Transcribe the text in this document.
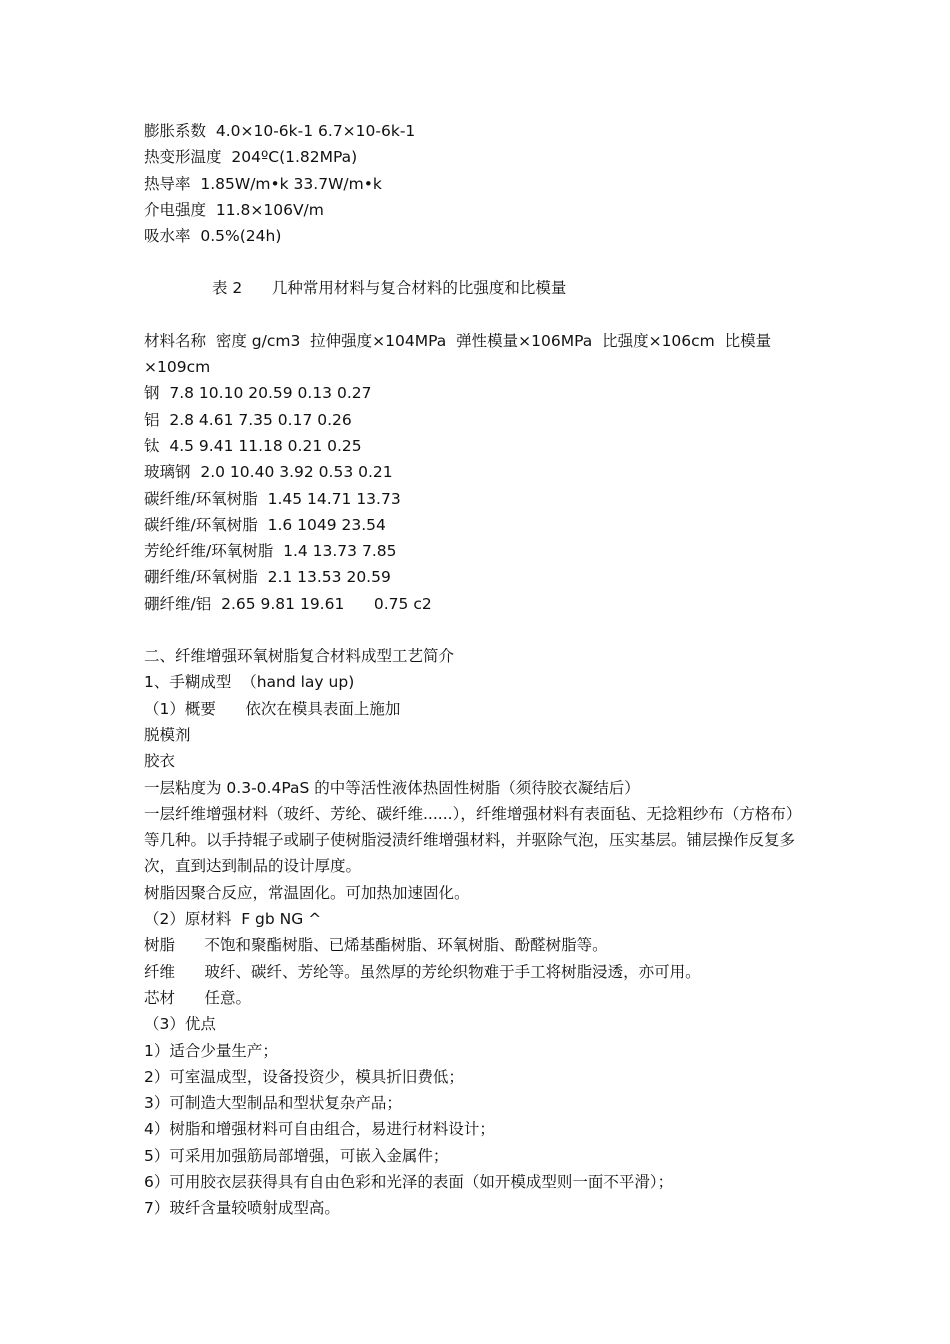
膨胀系数  4.0×10-6k-1 6.7×10-6k-1

热变形温度  204ºC(1.82MPa)

热导率  1.85W/m•k 33.7W/m•k

介电强度  11.8×106V/m

吸水率  0.5%(24h)

表 2      几种常用材料与复合材料的比强度和比模量

材料名称  密度 g/cm3  拉伸强度×104MPa  弹性模量×106MPa  比强度×106cm  比模量

×109cm

钢  7.8 10.10 20.59 0.13 0.27

铝  2.8 4.61 7.35 0.17 0.26

钛  4.5 9.41 11.18 0.21 0.25

玻璃钢  2.0 10.40 3.92 0.53 0.21

碳纤维/环氧树脂  1.45 14.71 13.73

碳纤维/环氧树脂  1.6 1049 23.54

芳纶纤维/环氧树脂  1.4 13.73 7.85

硼纤维/环氧树脂  2.1 13.53 20.59

硼纤维/铝  2.65 9.81 19.61      0.75 c2

二、纤维增强环氧树脂复合材料成型工艺简介

1、手糊成型  （hand lay up)

（1）概要      依次在模具表面上施加

脱模剂

胶衣

一层粘度为 0.3-0.4PaS 的中等活性液体热固性树脂（须待胶衣凝结后）

一层纤维增强材料（玻纤、芳纶、碳纤维......），纤维增强材料有表面毡、无捻粗纱布（方格布）等几种。以手持辊子或刷子使树脂浸渍纤维增强材料，并驱除气泡，压实基层。铺层操作反复多次，直到达到制品的设计厚度。

树脂因聚合反应，常温固化。可加热加速固化。

（2）原材料  F gb NG ^

树脂      不饱和聚酯树脂、已烯基酯树脂、环氧树脂、酚醛树脂等。

纤维      玻纤、碳纤、芳纶等。虽然厚的芳纶织物难于手工将树脂浸透，亦可用。

芯材      任意。

（3）优点

1）适合少量生产；

2）可室温成型，设备投资少，模具折旧费低；

3）可制造大型制品和型状复杂产品；

4）树脂和增强材料可自由组合，易进行材料设计；

5）可采用加强筋局部增强，可嵌入金属件；

6）可用胶衣层获得具有自由色彩和光泽的表面（如开模成型则一面不平滑）；

7）玻纤含量较喷射成型高。
